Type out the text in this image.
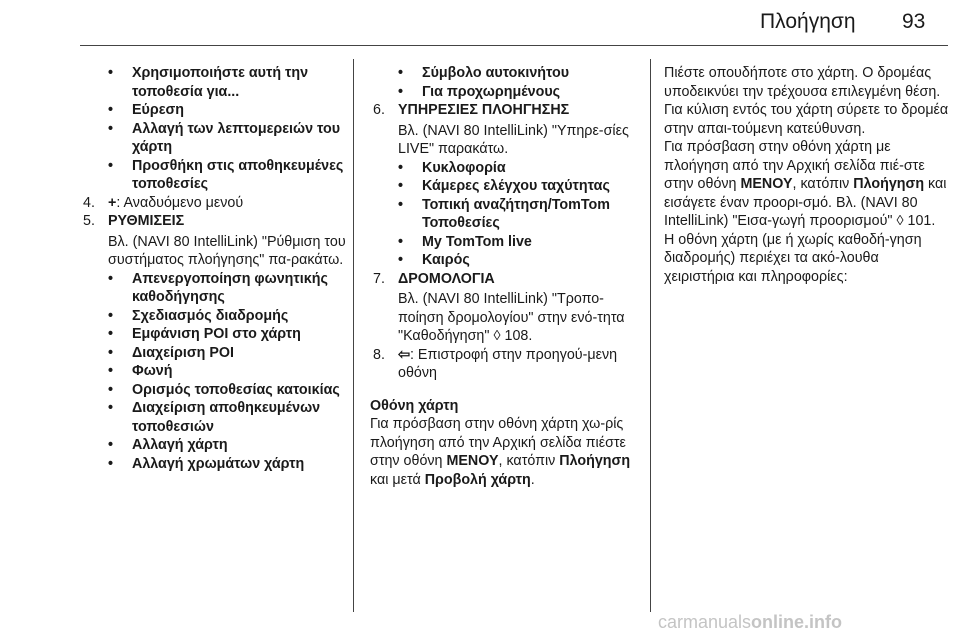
Πλοήγηση 93

• Χρησιμοποιήστε αυτή την τοποθεσία για...

• Εύρεση

• Αλλαγή των λεπτομερειών του χάρτη

• Προσθήκη στις αποθηκευμένες τοποθεσίες

4. +: Αναδυόμενο μενού

5. ΡΥΘΜΙΣΕΙΣ

Βλ. (NAVI 80 IntelliLink) "Ρύθμιση του συστήματος πλοήγησης" πα-ρακάτω.

• Απενεργοποίηση φωνητικής καθοδήγησης

• Σχεδιασμός διαδρομής

• Εμφάνιση POI στο χάρτη

• Διαχείριση POI

• Φωνή

• Ορισμός τοποθεσίας κατοικίας

• Διαχείριση αποθηκευμένων τοποθεσιών

• Αλλαγή χάρτη

• Αλλαγή χρωμάτων χάρτη

• Σύμβολο αυτοκινήτου

• Για προχωρημένους

6. ΥΠΗΡΕΣΙΕΣ ΠΛΟΗΓΗΣΗΣ

Βλ. (NAVI 80 IntelliLink) "Υπηρε-σίες LIVE" παρακάτω.

• Κυκλοφορία

• Κάμερες ελέγχου ταχύτητας

• Τοπική αναζήτηση/TomTom Τοποθεσίες

• My TomTom live

• Καιρός

7. ΔΡΟΜΟΛΟΓΙΑ

Βλ. (NAVI 80 IntelliLink) "Τροπο-ποίηση δρομολογίου" στην ενό-τητα "Καθοδήγηση" ◊ 108.

8. ⇦: Επιστροφή στην προηγού-μενη οθόνη

Οθόνη χάρτη

Για πρόσβαση στην οθόνη χάρτη χω-ρίς πλοήγηση από την Αρχική σελίδα πιέστε στην οθόνη ΜΕΝΟΥ, κατόπιν Πλοήγηση και μετά Προβολή χάρτη.

Πιέστε οπουδήποτε στο χάρτη. Ο δρομέας υποδεικνύει την τρέχουσα επιλεγμένη θέση. Για κύλιση εντός του χάρτη σύρετε το δρομέα στην απαι-τούμενη κατεύθυνση.

Για πρόσβαση στην οθόνη χάρτη με πλοήγηση από την Αρχική σελίδα πιέ-στε στην οθόνη ΜΕΝΟΥ, κατόπιν Πλοήγηση και εισάγετε έναν προορι-σμό. Βλ. (NAVI 80 IntelliLink) "Εισα-γωγή προορισμού" ◊ 101.

Η οθόνη χάρτη (με ή χωρίς καθοδή-γηση διαδρομής) περιέχει τα ακό-λουθα χειριστήρια και πληροφορίες:

carmanualsonline.info
